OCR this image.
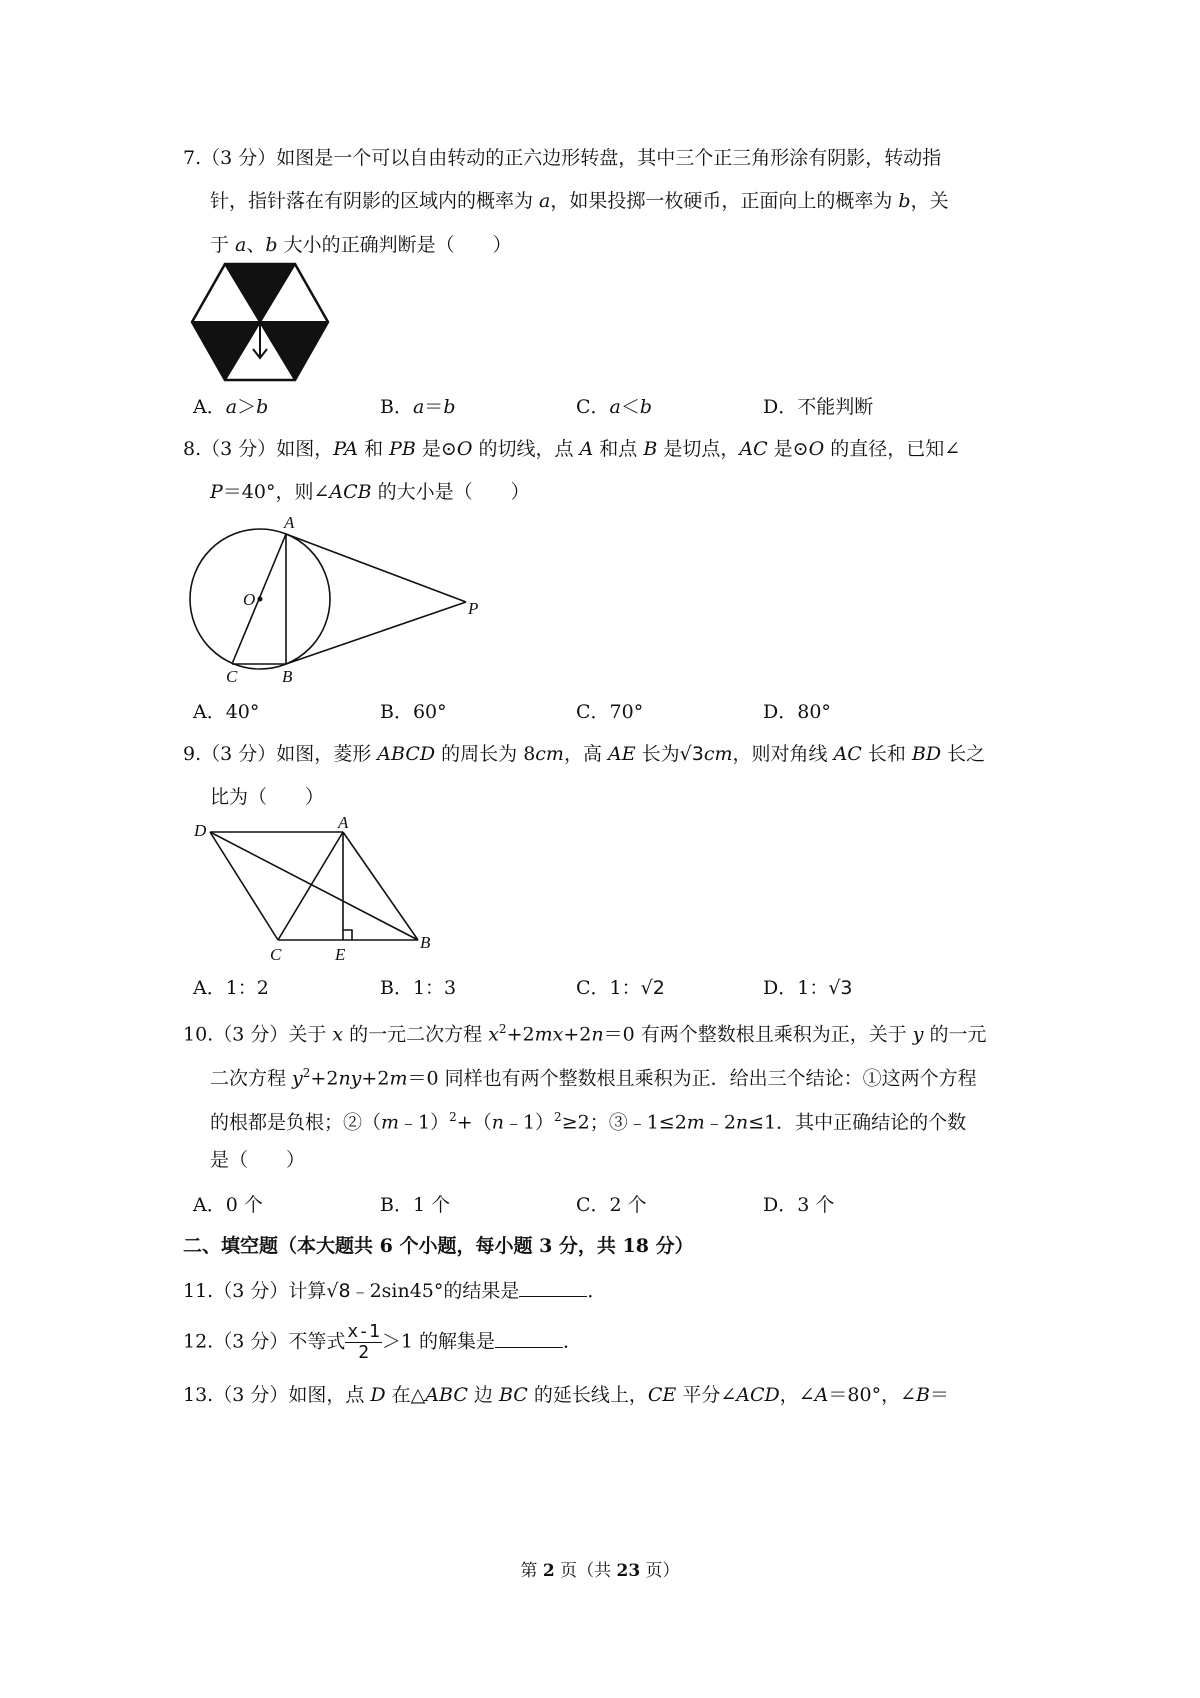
7.（3 分）如图是一个可以自由转动的正六边形转盘，其中三个正三角形涂有阴影，转动指
针，指针落在有阴影的区域内的概率为 a，如果投掷一枚硬币，正面向上的概率为 b，关
于 a、b 大小的正确判断是（　　）
A．a＞b	B．a＝b	C．a＜b	D．不能判断
8.（3 分）如图，PA 和 PB 是⊙O 的切线，点 A 和点 B 是切点，AC 是⊙O 的直径，已知∠
P＝40°，则∠ACB 的大小是（　　）
A
O	P
C	B
A．40°	B．60°	C．70°	D．80°
9.（3 分）如图，菱形 ABCD 的周长为 8cm，高 AE 长为√3cm，则对角线 AC 长和 BD 长之
比为（　　）
D	A
C	E
B
A．1：2	B．1：3	C．1：√2	D．1：√3
10.（3 分）关于 x 的一元二次方程 $x^2+2mx+2n=0$ 有两个整数根且乘积为正，关于 y 的一元
二次方程 $y^2+2ny+2m=0$ 同样也有两个整数根且乘积为正．给出三个结论：①这两个方程
的根都是负根；②（m﹣1）$^2$+（n﹣1）$^2$≥2；③﹣1≤2m﹣2n≤1．其中正确结论的个数
是（　　）
A．0 个	B．1 个	C．2 个	D．3 个
二、填空题（本大题共 6 个小题，每小题 3 分，共 18 分）
11.（3 分）计算√8﹣2sin45°的结果是	．
12.（3 分）不等式 $\frac{x-1}{2} >1$ 的解集是	．
13.（3 分）如图，点 D 在△ABC 边 BC 的延长线上，CE 平分∠ACD，∠A＝80°，∠B＝
第 2 页（共 23 页）
